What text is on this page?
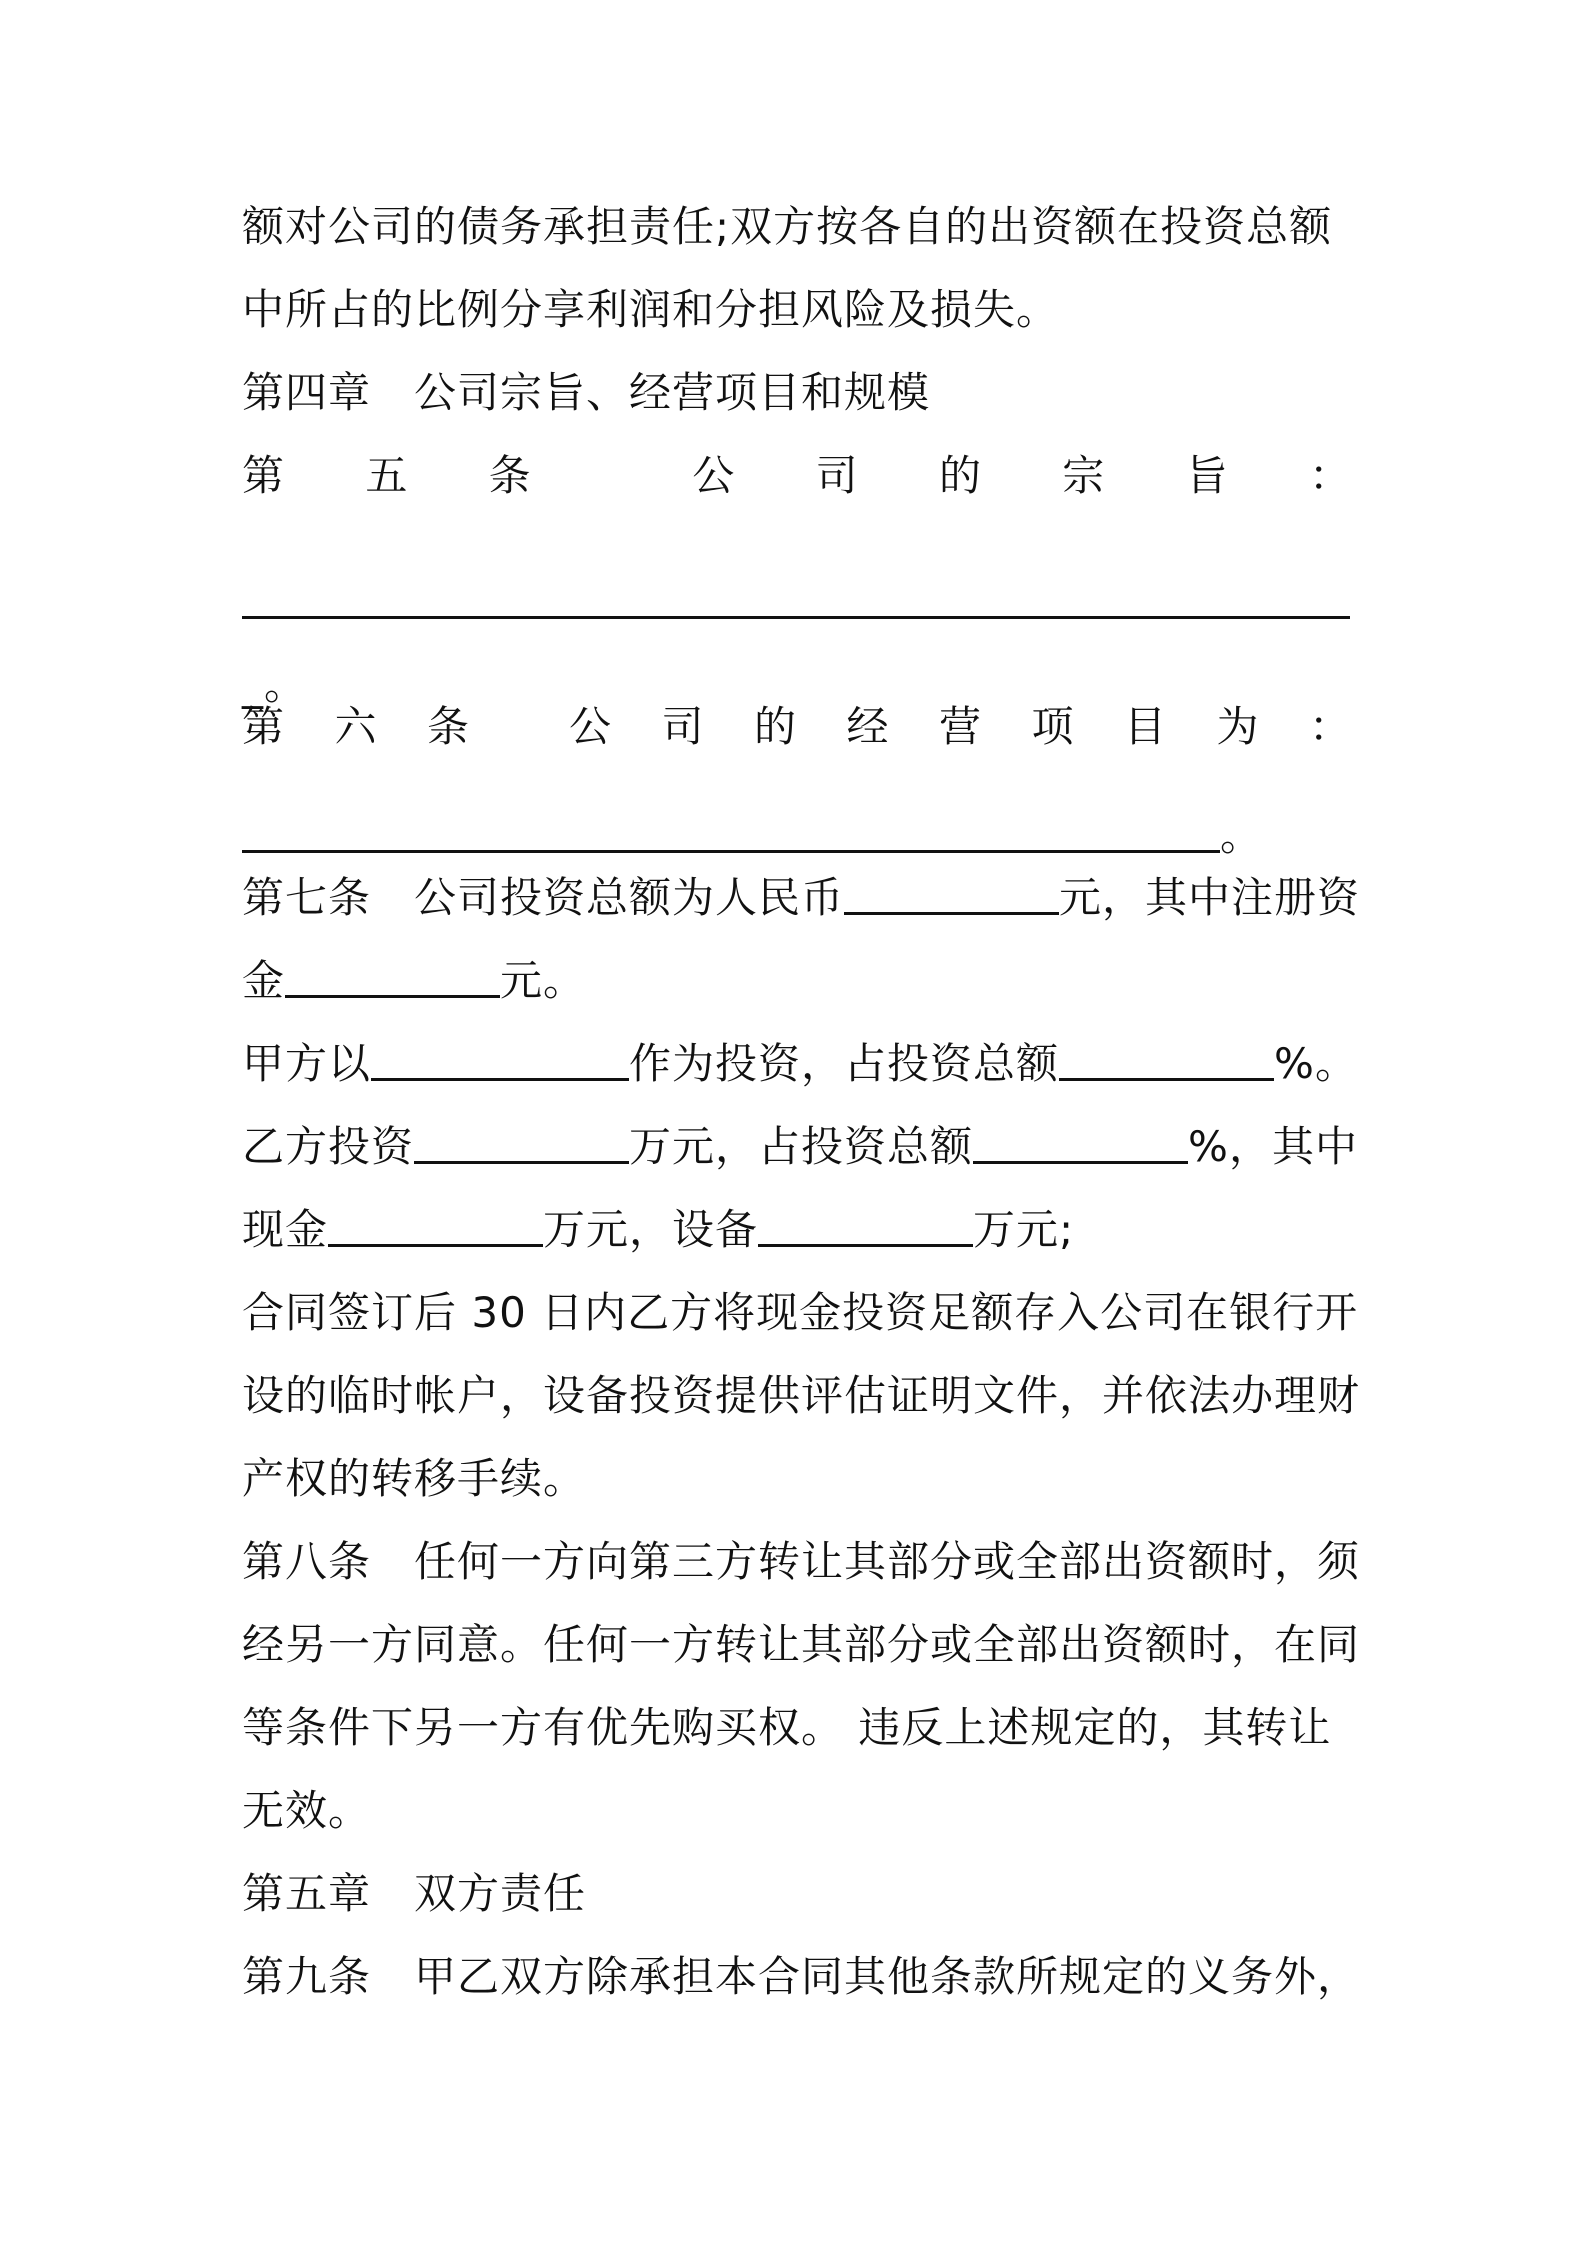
额对公司的债务承担责任;双方按各自的出资额在投资总额
中所占的比例分享利润和分担风险及损失。
第四章　公司宗旨、经营项目和规模
第 五 条	公 司 的 宗 旨 ：
_。
第 六 条 公 司 的 经 营 项 目 为 ：
。
第七条　公司投资总额为人民币	元，其中注册资
金	元。
甲方以	作为投资，占投资总额	%。
乙方投资	万元，占投资总额	%，其中
现金	万元，设备	万元;
合同签订后 30 日内乙方将现金投资足额存入公司在银行开
设的临时帐户，设备投资提供评估证明文件，并依法办理财
产权的转移手续。
第八条　任何一方向第三方转让其部分或全部出资额时，须
经另一方同意。任何一方转让其部分或全部出资额时，在同
等条件下另一方有优先购买权。 违反上述规定的，其转让
无效。
第五章　双方责任
第九条　甲乙双方除承担本合同其他条款所规定的义务外，
